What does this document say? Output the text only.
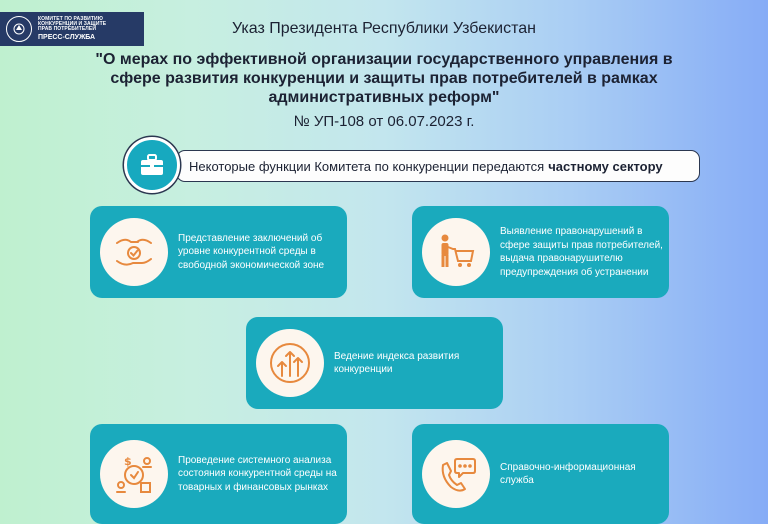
КОМИТЕТ ПО РАЗВИТИЮ
КОНКУРЕНЦИИ И ЗАЩИТЕ
ПРАВ ПОТРЕБИТЕЛЕЙ
ПРЕСС-СЛУЖБА
Указ Президента Республики Узбекистан
"О мерах по эффективной организации государственного управления в сфере развития конкуренции и защиты прав потребителей в рамках административных реформ"
№ УП-108 от 06.07.2023 г.
Некоторые функции Комитета по конкуренции передаются частному сектору
Представление заключений об уровне конкурентной среды в свободной экономической зоне
Выявление правонарушений в сфере защиты прав потребителей, выдача правонарушителю предупреждения об устранении
Ведение индекса развития конкуренции
$	Проведение системного анализа состояния конкурентной среды на товарных и финансовых рынках
Справочно-информационная служба
